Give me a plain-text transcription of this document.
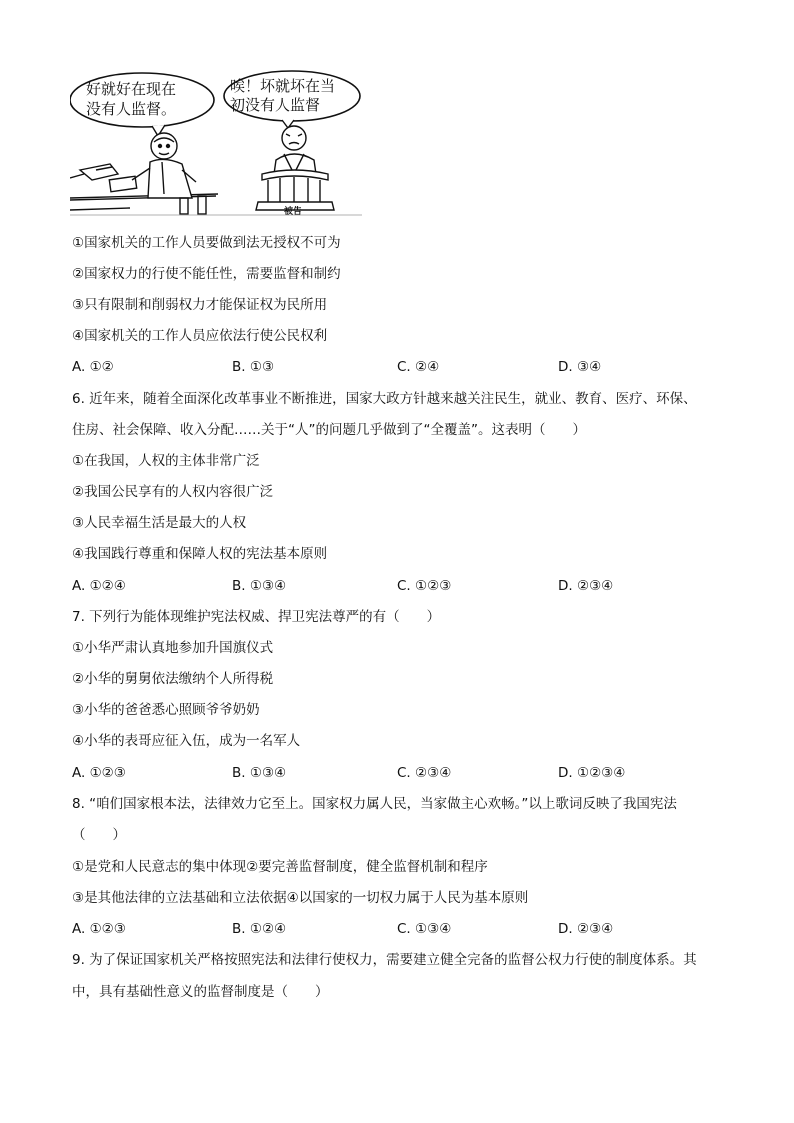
好就好在现在
没有人监督。
唉！坏就坏在当
初没有人监督
被告
①国家机关的工作人员要做到法无授权不可为
②国家权力的行使不能任性，需要监督和制约
③只有限制和削弱权力才能保证权为民所用
④国家机关的工作人员应依法行使公民权利
A. ①②	B. ①③	C. ②④	D. ③④
6. 近年来，随着全面深化改革事业不断推进，国家大政方针越来越关注民生，就业、教育、医疗、环保、
住房、社会保障、收入分配……关于“人”的问题几乎做到了“全覆盖”。这表明（　　）
①在我国，人权的主体非常广泛
②我国公民享有的人权内容很广泛
③人民幸福生活是最大的人权
④我国践行尊重和保障人权的宪法基本原则
A. ①②④	B. ①③④	C. ①②③	D. ②③④
7. 下列行为能体现维护宪法权威、捍卫宪法尊严的有（　　）
①小华严肃认真地参加升国旗仪式
②小华的舅舅依法缴纳个人所得税
③小华的爸爸悉心照顾爷爷奶奶
④小华的表哥应征入伍，成为一名军人
A. ①②③	B. ①③④	C. ②③④	D. ①②③④
8. “咱们国家根本法，法律效力它至上。国家权力属人民，当家做主心欢畅。”以上歌词反映了我国宪法
（　　）
①是党和人民意志的集中体现②要完善监督制度，健全监督机制和程序
③是其他法律的立法基础和立法依据④以国家的一切权力属于人民为基本原则
A. ①②③	B. ①②④	C. ①③④	D. ②③④
9. 为了保证国家机关严格按照宪法和法律行使权力，需要建立健全完备的监督公权力行使的制度体系。其
中，具有基础性意义的监督制度是（　　）
